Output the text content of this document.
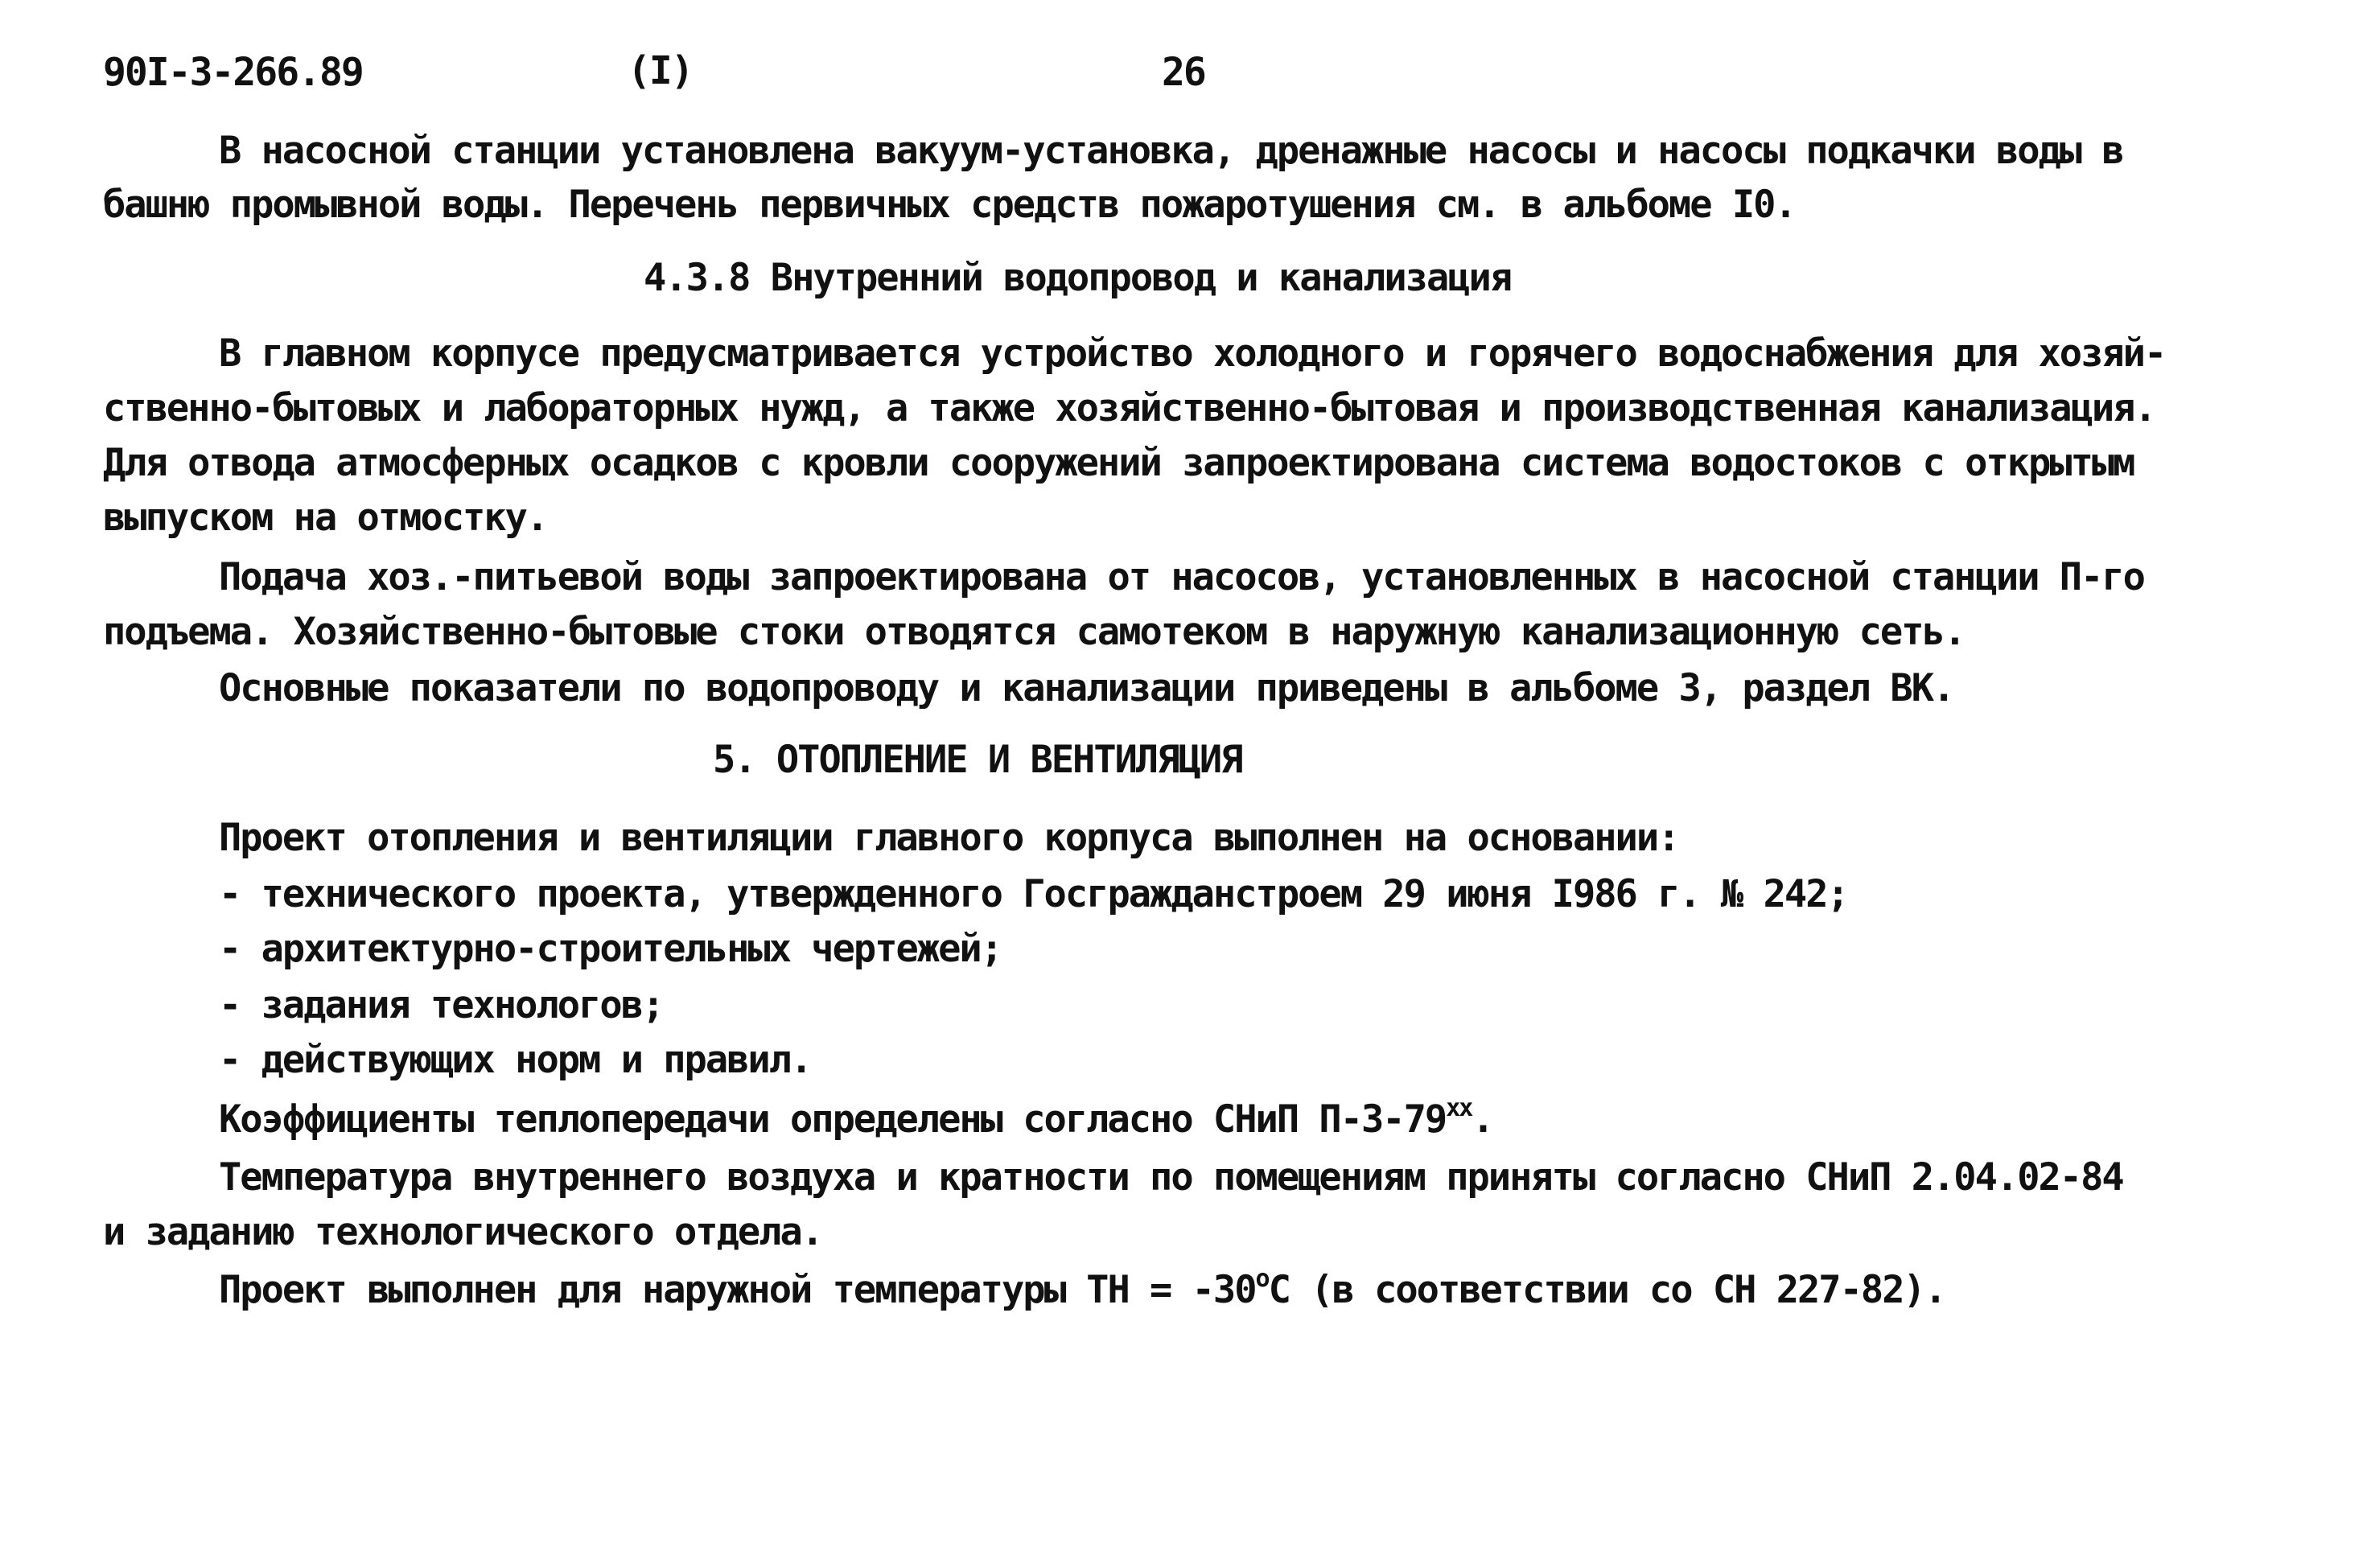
90I-3-266.89	(I)	26
В насосной станции установлена вакуум-установка, дренажные насосы и насосы подкачки воды в
башню промывной воды. Перечень первичных средств пожаротушения см. в альбоме I0.
4.3.8 Внутренний водопровод и канализация
В главном корпусе предусматривается устройство холодного и горячего водоснабжения для хозяй-
ственно-бытовых и лабораторных нужд, а также хозяйственно-бытовая и производственная канализация.
Для отвода атмосферных осадков с кровли сооружений запроектирована система водостоков с открытым
выпуском на отмостку.
Подача хоз.-питьевой воды запроектирована от насосов, установленных в насосной станции П-го
подъема. Хозяйственно-бытовые стоки отводятся самотеком в наружную канализационную сеть.
Основные показатели по водопроводу и канализации приведены в альбоме 3, раздел ВК.
5. ОТОПЛЕНИЕ И ВЕНТИЛЯЦИЯ
Проект отопления и вентиляции главного корпуса выполнен на основании:
- технического проекта, утвержденного Госгражданстроем 29 июня I986 г. № 242;
- архитектурно-строительных чертежей;
- задания технологов;
- действующих норм и правил.
Коэффициенты теплопередачи определены согласно СНиП $П-3-79^{хх}$.
Температура внутреннего воздуха и кратности по помещениям приняты согласно СНиП 2.04.02-84
и заданию технологического отдела.
Проект выполнен для наружной температуры ТН = $-30^оС$ (в соответствии со СН 227-82).
